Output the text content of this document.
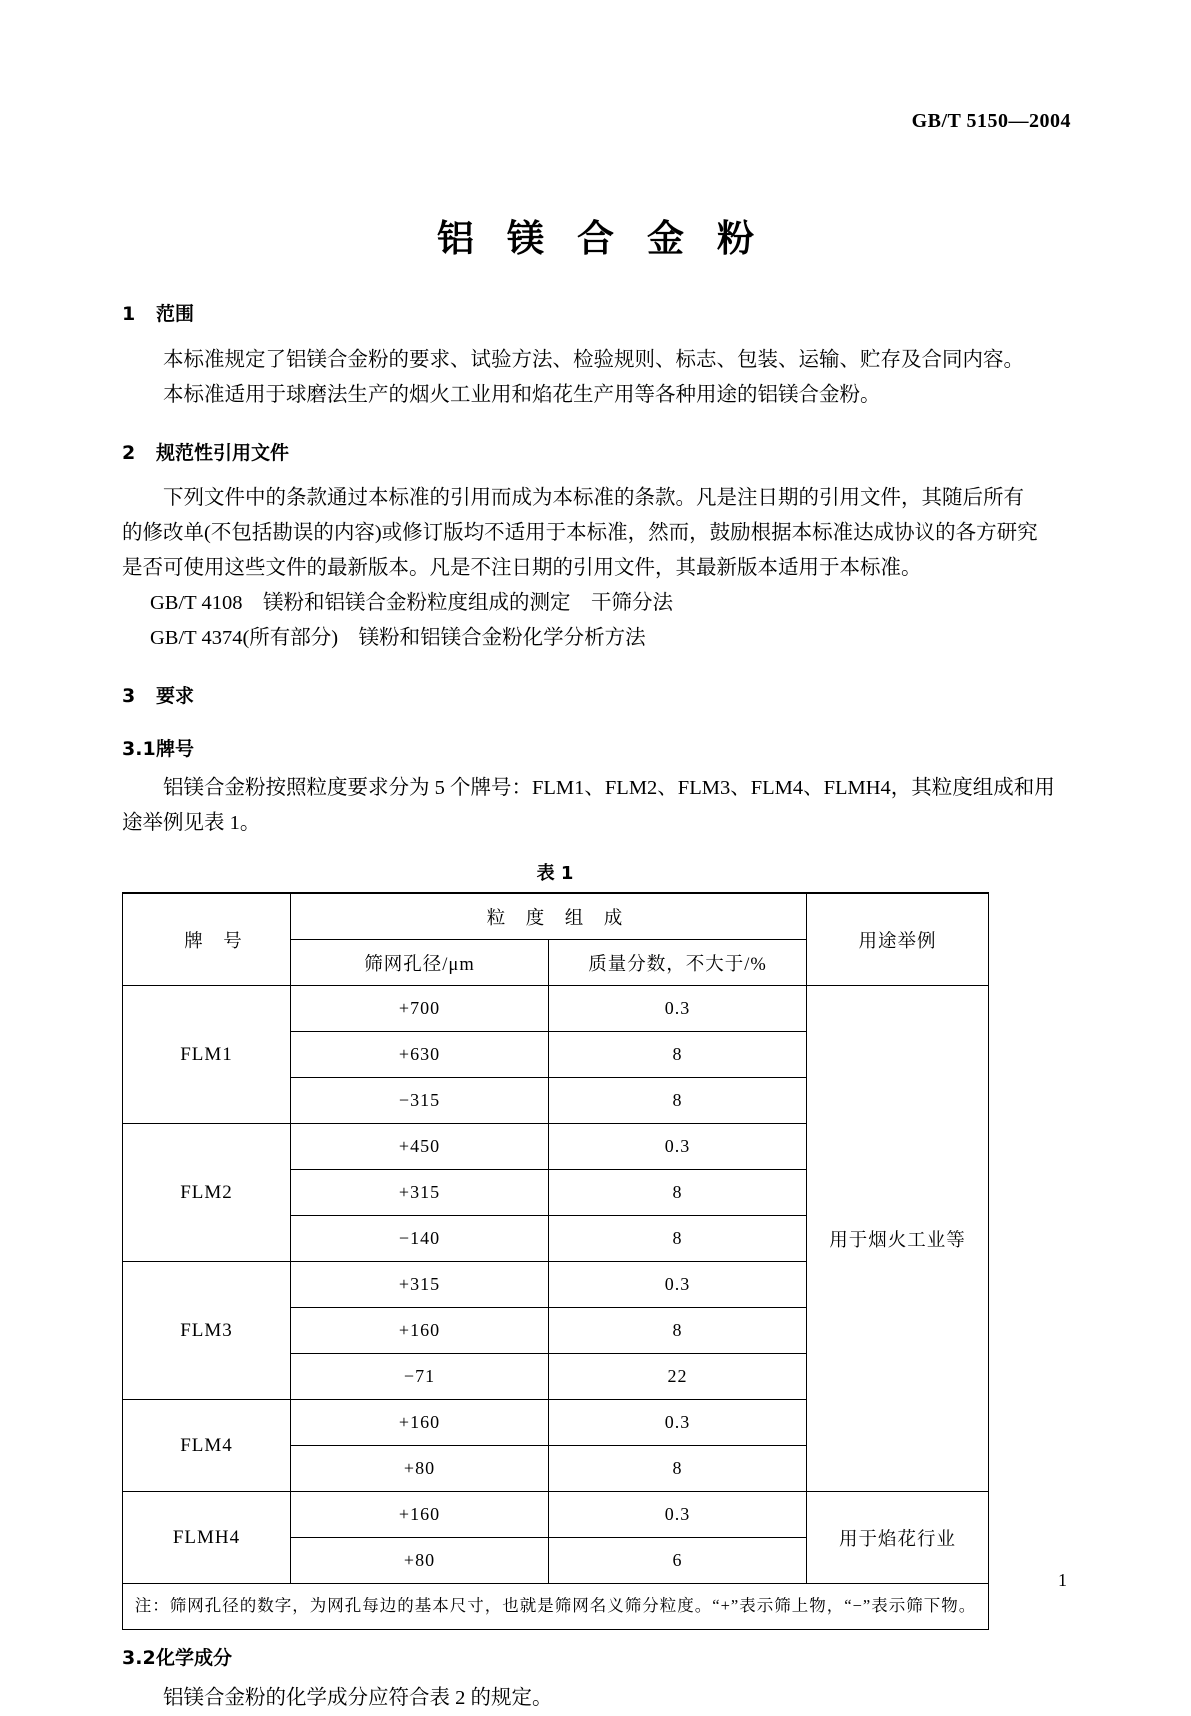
GB/T 5150—2004
铝镁合金粉
1 范围

本标准规定了铝镁合金粉的要求、试验方法、检验规则、标志、包装、运输、贮存及合同内容。

本标准适用于球磨法生产的烟火工业用和焰花生产用等各种用途的铝镁合金粉。

2 规范性引用文件

下列文件中的条款通过本标准的引用而成为本标准的条款。凡是注日期的引用文件，其随后所有

的修改单(不包括勘误的内容)或修订版均不适用于本标准，然而，鼓励根据本标准达成协议的各方研究

是否可使用这些文件的最新版本。凡是不注日期的引用文件，其最新版本适用于本标准。

GB/T 4108　镁粉和铝镁合金粉粒度组成的测定　干筛分法

GB/T 4374(所有部分)　镁粉和铝镁合金粉化学分析方法

3 要求
3.1牌号

铝镁合金粉按照粒度要求分为 5 个牌号：FLM1、FLM2、FLM3、FLM4、FLMH4，其粒度组成和用

途举例见表 1。

表 1
牌　号	粒　度　组　成		用途举例
	筛网孔径/μm	质量分数，不大于/%	
FLM1	+700	0.3	用于烟火工业等
	+630	8	
	−315	8	
FLM2	+450	0.3	
	+315	8	
	−140	8	
FLM3	+315	0.3	
	+160	8	
	−71	22	
FLM4	+160	0.3	
	+80	8	
FLMH4	+160	0.3	用于焰花行业
	+80	6	
注：筛网孔径的数字，为网孔每边的基本尺寸，也就是筛网名义筛分粒度。“+”表示筛上物，“−”表示筛下物。			
3.2化学成分

铝镁合金粉的化学成分应符合表 2 的规定。

1
